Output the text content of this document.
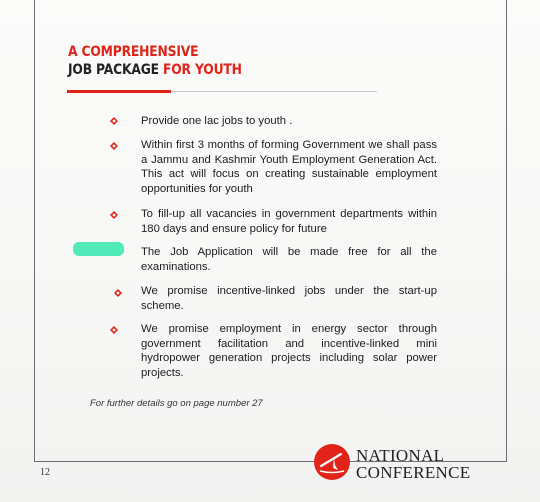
A COMPREHENSIVE
JOB PACKAGE FOR YOUTH
Provide one lac jobs to youth .
Within first 3 months of forming Government we shall pass a Jammu and Kashmir Youth Employment Generation Act. This act will focus on creating sustainable employment opportunities for youth
To fill-up all vacancies in government departments within 180 days and ensure policy for future
The Job Application will be made free for all the examinations.
We promise incentive-linked jobs under the start-up scheme.
We promise employment in energy sector through government facilitation and incentive-linked mini hydropower generation projects including solar power projects.
For further details go on page number 27
12
NATIONAL
CONFERENCE
